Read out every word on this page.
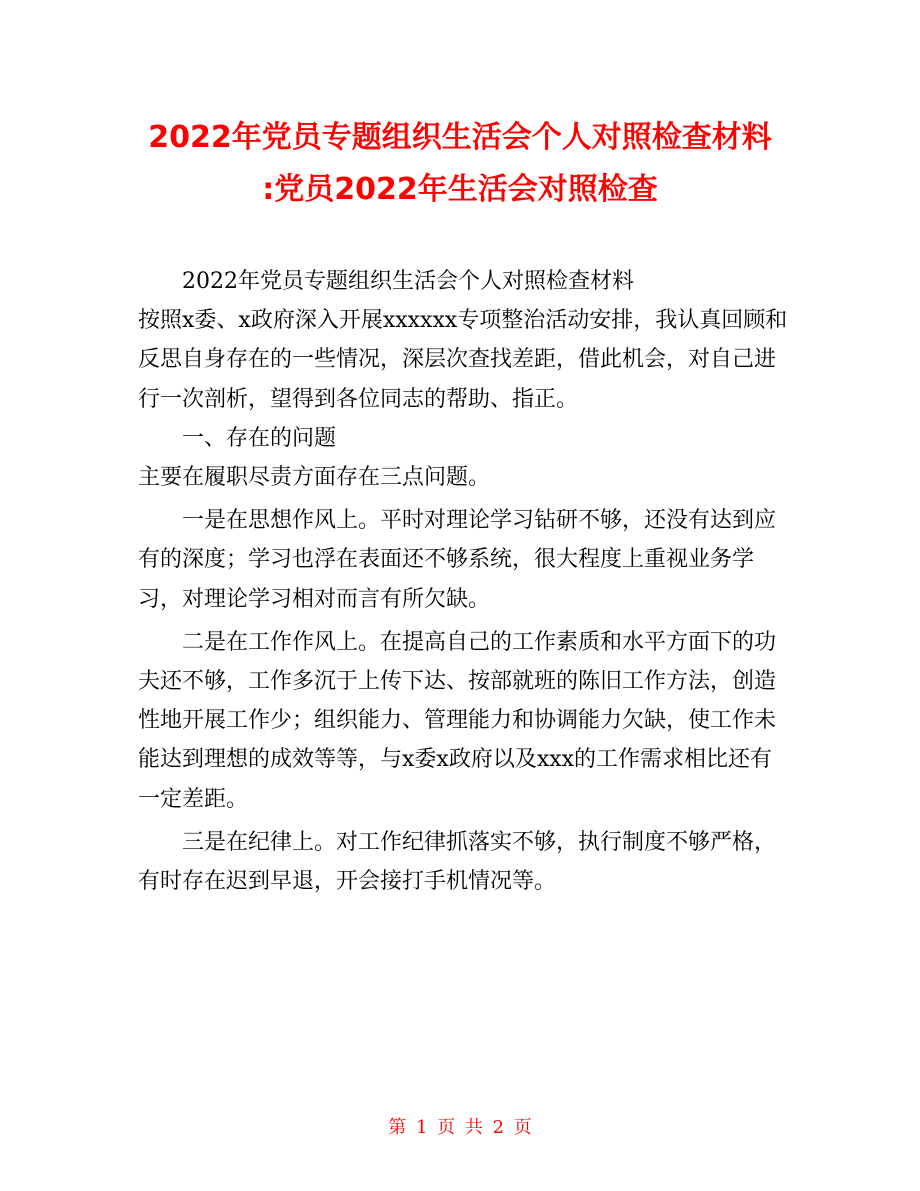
2022年党员专题组织生活会个人对照检查材料
:党员2022年生活会对照检查

2022年党员专题组织生活会个人对照检查材料

按照x委、x政府深入开展xxxxxx专项整治活动安排，我认真回顾和反思自身存在的一些情况，深层次查找差距，借此机会，对自己进行一次剖析，望得到各位同志的帮助、指正。

一、存在的问题

主要在履职尽责方面存在三点问题。

一是在思想作风上。平时对理论学习钻研不够，还没有达到应有的深度；学习也浮在表面还不够系统，很大程度上重视业务学习，对理论学习相对而言有所欠缺。

二是在工作作风上。在提高自己的工作素质和水平方面下的功夫还不够，工作多沉于上传下达、按部就班的陈旧工作方法，创造性地开展工作少；组织能力、管理能力和协调能力欠缺，使工作未能达到理想的成效等等，与x委x政府以及xxx的工作需求相比还有一定差距。

三是在纪律上。对工作纪律抓落实不够，执行制度不够严格，有时存在迟到早退，开会接打手机情况等。

第 1 页 共 2 页
